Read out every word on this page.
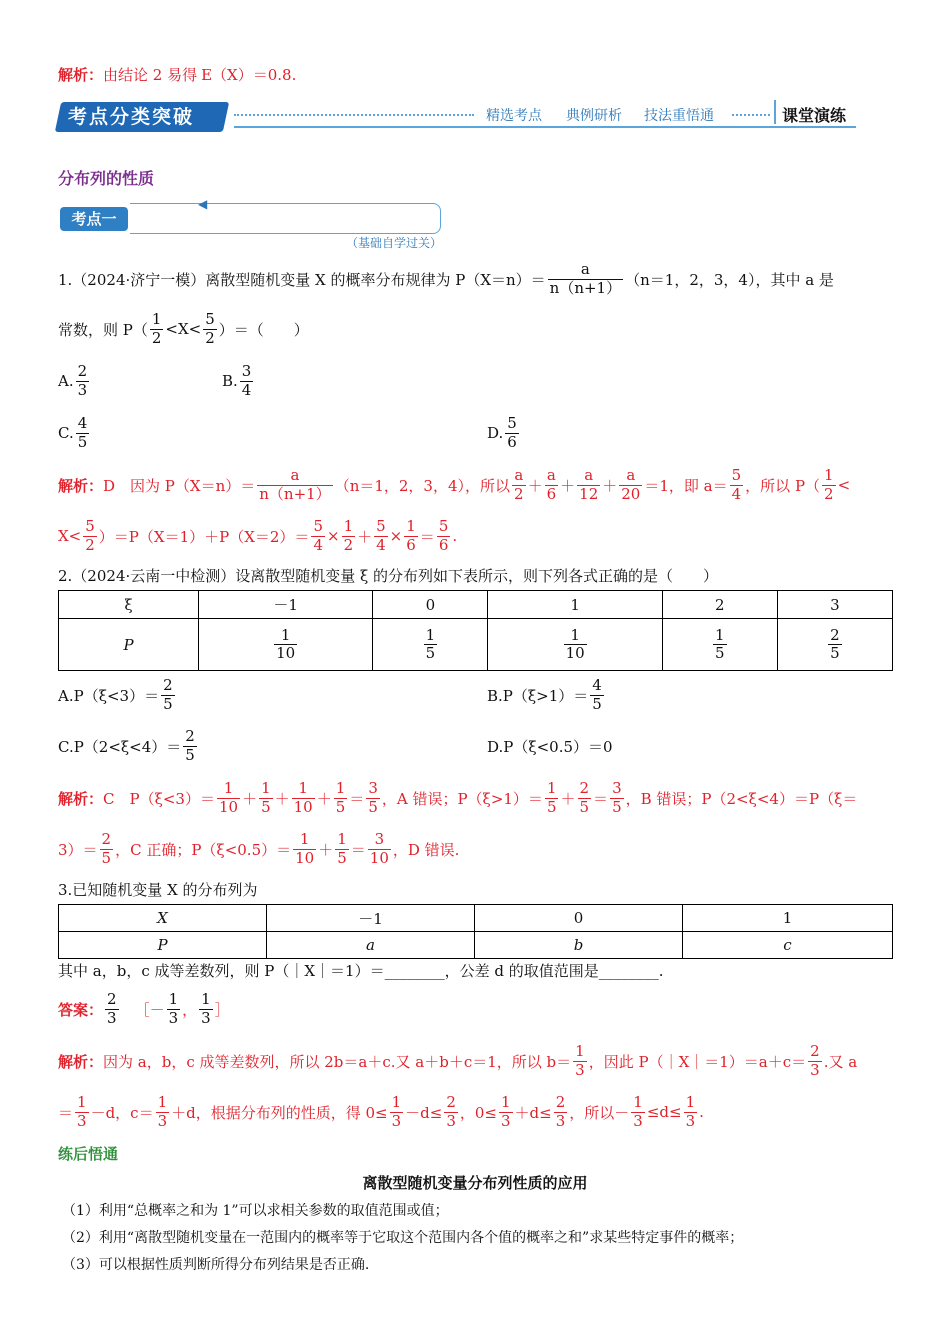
解析： 由结论 2 易得 E（X）＝0.8.
考点分类突破	精选考点 典例研析 技法重悟通	课堂演练
分布列的性质
考点一
◀
（基础自学过关）
1.（2024·济宁一模）离散型随机变量 X 的概率分布规律为 $P(X=n)= \frac{a}{n(n+1)} (n=1$，2，3，4），其中 a 是
常数，则 $P( \frac{1}{2} <X< \frac{5}{2}$ ）＝（　　）
A. $\frac{2}{3}$	B. $\frac{3}{4}$
C. $\frac{4}{5}$	D. $\frac{5}{6}$
解析： D　因为 $P(X=n)= \frac{a}{n(n+1)} (n=1$，2，3，4），所以 $\frac{a}{2} + \frac{a}{6} + \frac{a}{12} + \frac{a}{20} =1$，即 $a= \frac{5}{4}$ ，所以 $P( \frac{1}{2}$ <
$X< \frac{5}{2} )=P(X=1)+P(X=2)= \frac{5}{4} \times \frac{1}{2} + \frac{5}{4} \times \frac{1}{6} = \frac{5}{6}$ .
2.（2024·云南一中检测）设离散型随机变量 ξ 的分布列如下表所示，则下列各式正确的是（　　）
ξ	－1	0	1	2	3
P	$\frac{1}{10}$	$\frac{1}{5}$	$\frac{1}{10}$	$\frac{1}{5}$	$\frac{2}{5}$
$A.P(\xi<3)= \frac{2}{5}$	$B.P(\xi>1)= \frac{4}{5}$
$C.P(2<\xi<4)= \frac{2}{5}$	D.P（ξ<0.5）＝0
解析： C　$P(\xi<3)= \frac{1}{10} + \frac{1}{5} + \frac{1}{10} + \frac{1}{5} = \frac{3}{5}$ ，A 错误；$P(\xi>1)= \frac{1}{5} + \frac{2}{5} = \frac{3}{5}$ ，B 错误；P（2<ξ<4）＝P（ξ＝
$3)= \frac{2}{5}$ ，C 正确；$P(\xi<0.5)= \frac{1}{10} + \frac{1}{5} = \frac{3}{10}$ ，D 错误.
3.已知随机变量 X 的分布列为
X	－1	0	1
P	a	b	c
其中 a，b，c 成等差数列，则 P（｜X｜＝1）＝________，公差 d 的取值范围是________.
答案： $\frac{2}{3}$ ［－ $\frac{1}{3}$ ， $\frac{1}{3}$ ］
解析： 因为 a，b，c 成等差数列，所以 2b＝a＋c.又 a＋b＋c＝1，所以 $b= \frac{1}{3}$ ，因此 P（｜X｜＝1）＝a＋c＝ $\frac{2}{3}$ .又 a
＝ $\frac{1}{3} -d$，$c= \frac{1}{3} +d$，根据分布列的性质，得 $0\le \frac{1}{3} -d\le \frac{2}{3}$ ，$0\le \frac{1}{3} +d\le \frac{2}{3}$ ，所以－ $\frac{1}{3} \le d\le \frac{1}{3}$ .
练后悟通
离散型随机变量分布列性质的应用
（1）利用“总概率之和为 1”可以求相关参数的取值范围或值；
（2）利用“离散型随机变量在一范围内的概率等于它取这个范围内各个值的概率之和”求某些特定事件的概率；
（3）可以根据性质判断所得分布列结果是否正确.
